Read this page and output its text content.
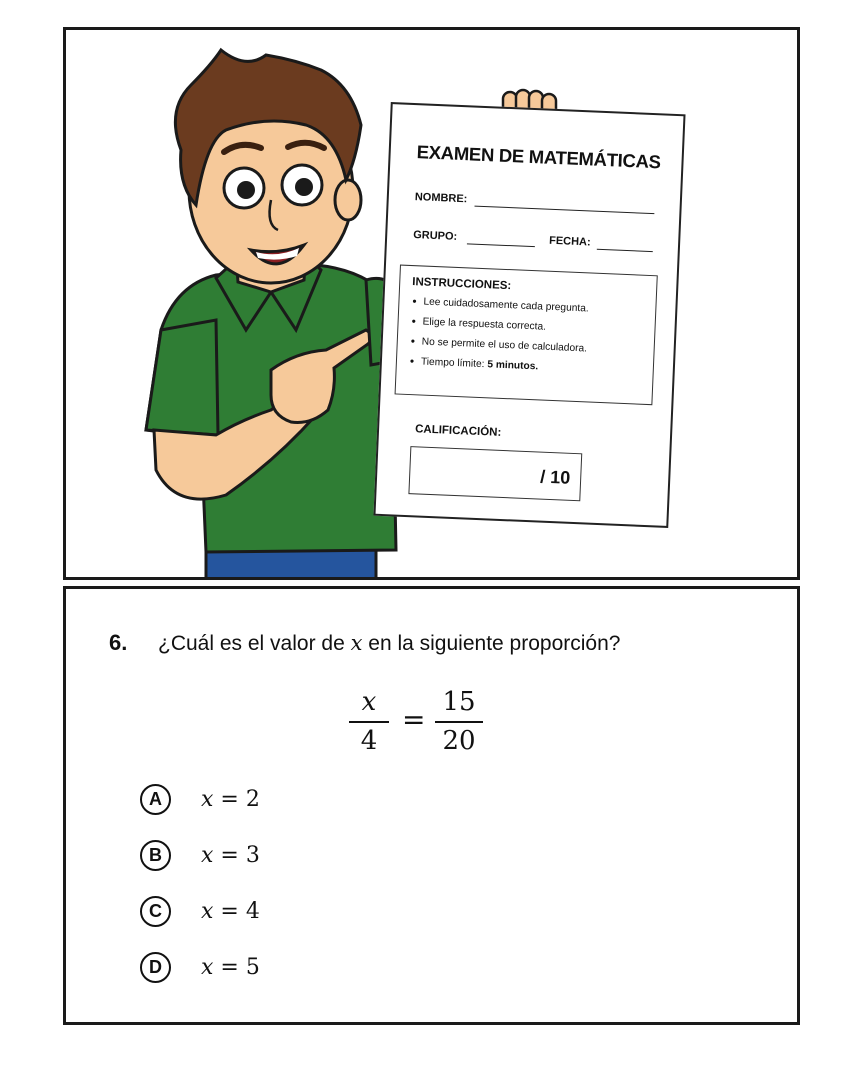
EXAMEN DE MATEMÁTICAS
NOMBRE:
GRUPO:	FECHA:
INSTRUCCIONES:
• Lee cuidadosamente cada pregunta.
• Elige la respuesta correcta.
• No se permite el uso de calculadora.
• Tiempo límite: 5 minutos.
CALIFICACIÓN:
/ 10
6. ¿Cuál es el valor de x en la siguiente proporción?
x
4
=
15
20
A	x = 2
B	x = 3
C	x = 4
D	x = 5
